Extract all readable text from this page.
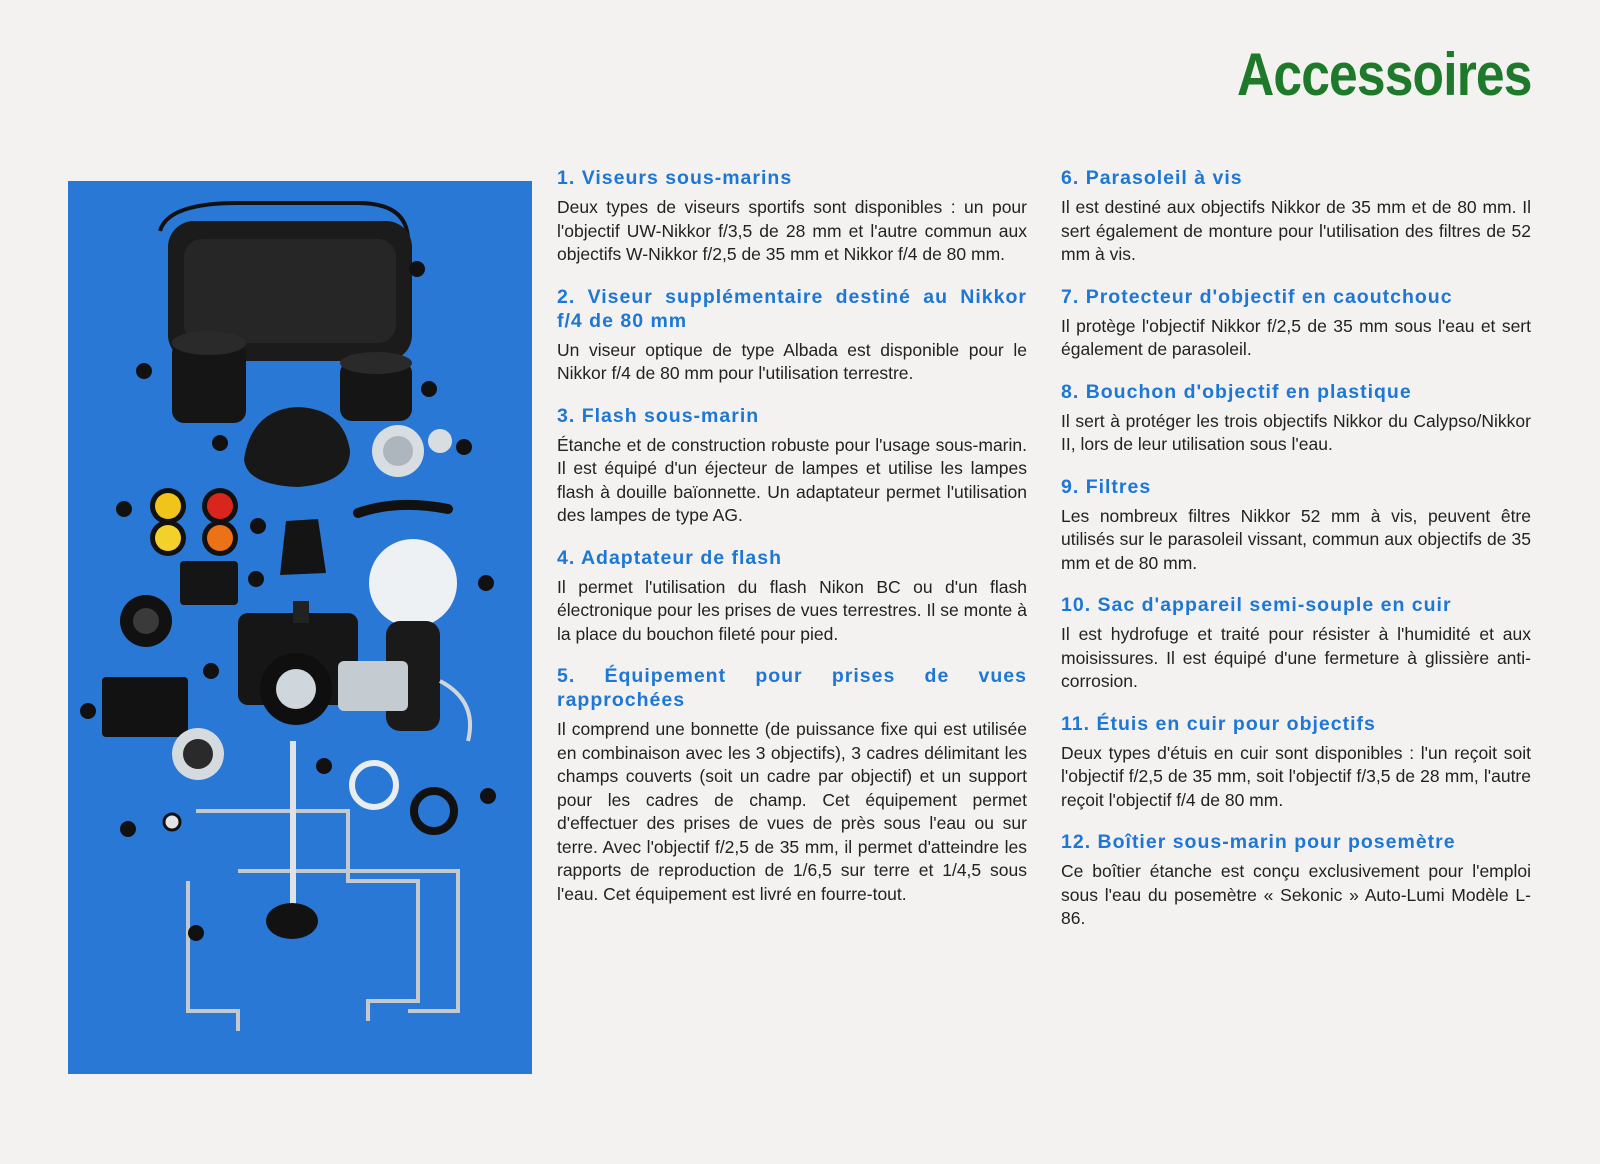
Accessoires

1. Viseurs sous-marins

Deux types de viseurs sportifs sont disponibles : un pour l'objectif UW-Nikkor f/3,5 de 28 mm et l'autre commun aux objectifs W-Nikkor f/2,5 de 35 mm et Nikkor f/4 de 80 mm.

2. Viseur supplémentaire destiné au Nikkor f/4 de 80 mm

Un viseur optique de type Albada est disponible pour le Nikkor f/4 de 80 mm pour l'utilisation terrestre.

3. Flash sous-marin

Étanche et de construction robuste pour l'usage sous-marin. Il est équipé d'un éjecteur de lampes et utilise les lampes flash à douille baïonnette. Un adaptateur permet l'utilisation des lampes de type AG.

4. Adaptateur de flash

Il permet l'utilisation du flash Nikon BC ou d'un flash électronique pour les prises de vues terrestres. Il se monte à la place du bouchon fileté pour pied.

5. Équipement pour prises de vues rapprochées

Il comprend une bonnette (de puissance fixe qui est utilisée en combinaison avec les 3 objectifs), 3 cadres délimitant les champs couverts (soit un cadre par objectif) et un support pour les cadres de champ. Cet équipement permet d'effectuer des prises de vues de près sous l'eau ou sur terre. Avec l'objectif f/2,5 de 35 mm, il permet d'atteindre les rapports de reproduction de 1/6,5 sur terre et 1/4,5 sous l'eau. Cet équipement est livré en fourre-tout.

6. Parasoleil à vis

Il est destiné aux objectifs Nikkor de 35 mm et de 80 mm. Il sert également de monture pour l'utilisation des filtres de 52 mm à vis.

7. Protecteur d'objectif en caoutchouc

Il protège l'objectif Nikkor f/2,5 de 35 mm sous l'eau et sert également de parasoleil.

8. Bouchon d'objectif en plastique

Il sert à protéger les trois objectifs Nikkor du Calypso/Nikkor II, lors de leur utilisation sous l'eau.

9. Filtres

Les nombreux filtres Nikkor 52 mm à vis, peuvent être utilisés sur le parasoleil vissant, commun aux objectifs de 35 mm et de 80 mm.

10. Sac d'appareil semi-souple en cuir

Il est hydrofuge et traité pour résister à l'humidité et aux moisissures. Il est équipé d'une fermeture à glissière anti-corrosion.

11. Étuis en cuir pour objectifs

Deux types d'étuis en cuir sont disponibles : l'un reçoit soit l'objectif f/2,5 de 35 mm, soit l'objectif f/3,5 de 28 mm, l'autre reçoit l'objectif f/4 de 80 mm.

12. Boîtier sous-marin pour posemètre

Ce boîtier étanche est conçu exclusivement pour l'emploi sous l'eau du posemètre « Sekonic » Auto-Lumi Modèle L-86.
